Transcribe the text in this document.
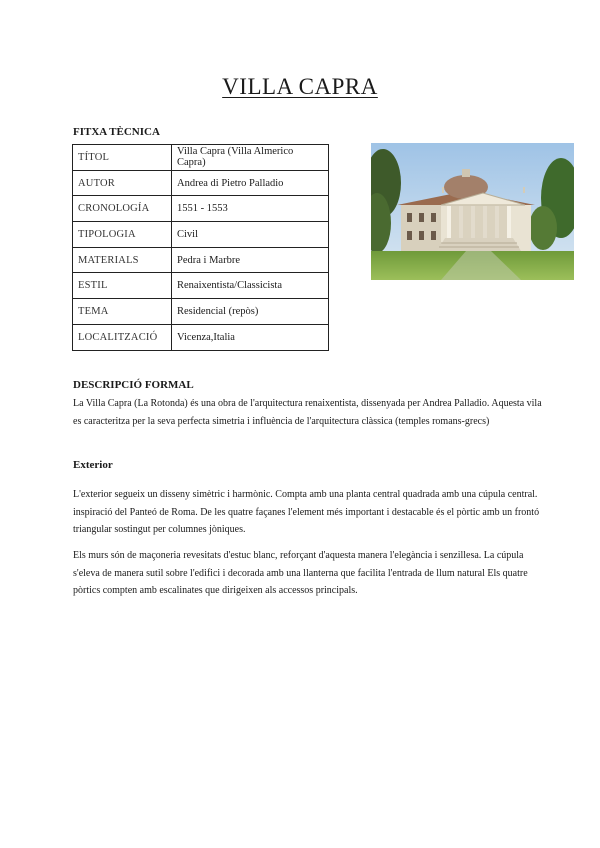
VILLA CAPRA
FITXA TÈCNICA
TÍTOL	Villa Capra (Villa Almerico Capra)
AUTOR	Andrea di Pietro Palladio
CRONOLOGÍA	1551 - 1553
TIPOLOGIA	Civil
MATERIALS	Pedra i Marbre
ESTIL	Renaixentista/Classicista
TEMA	Residencial (repòs)
LOCALITZACIÓ	Vicenza,Italia
DESCRIPCIÓ FORMAL
La Villa Capra (La Rotonda) és una obra de l'arquitectura renaixentista, dissenyada per Andrea Palladio. Aquesta vila es caracteritza per la seva perfecta simetria i influència de l'arquitectura clàssica (temples romans-grecs)
Exterior
L'exterior segueix un disseny simètric i harmònic. Compta amb una planta central quadrada amb una cúpula central. inspiració del Panteó de Roma. De les quatre façanes l'element més important i destacable és el pòrtic amb un frontó triangular sostingut per columnes jòniques.
Els murs són de maçoneria revesitats d'estuc blanc, reforçant d'aquesta manera l'elegància i senzillesa. La cúpula s'eleva de manera sutil sobre l'edifici i decorada amb una llanterna que facilita l'entrada de llum natural Els quatre pòrtics compten amb escalinates que dirigeixen als accessos principals.
